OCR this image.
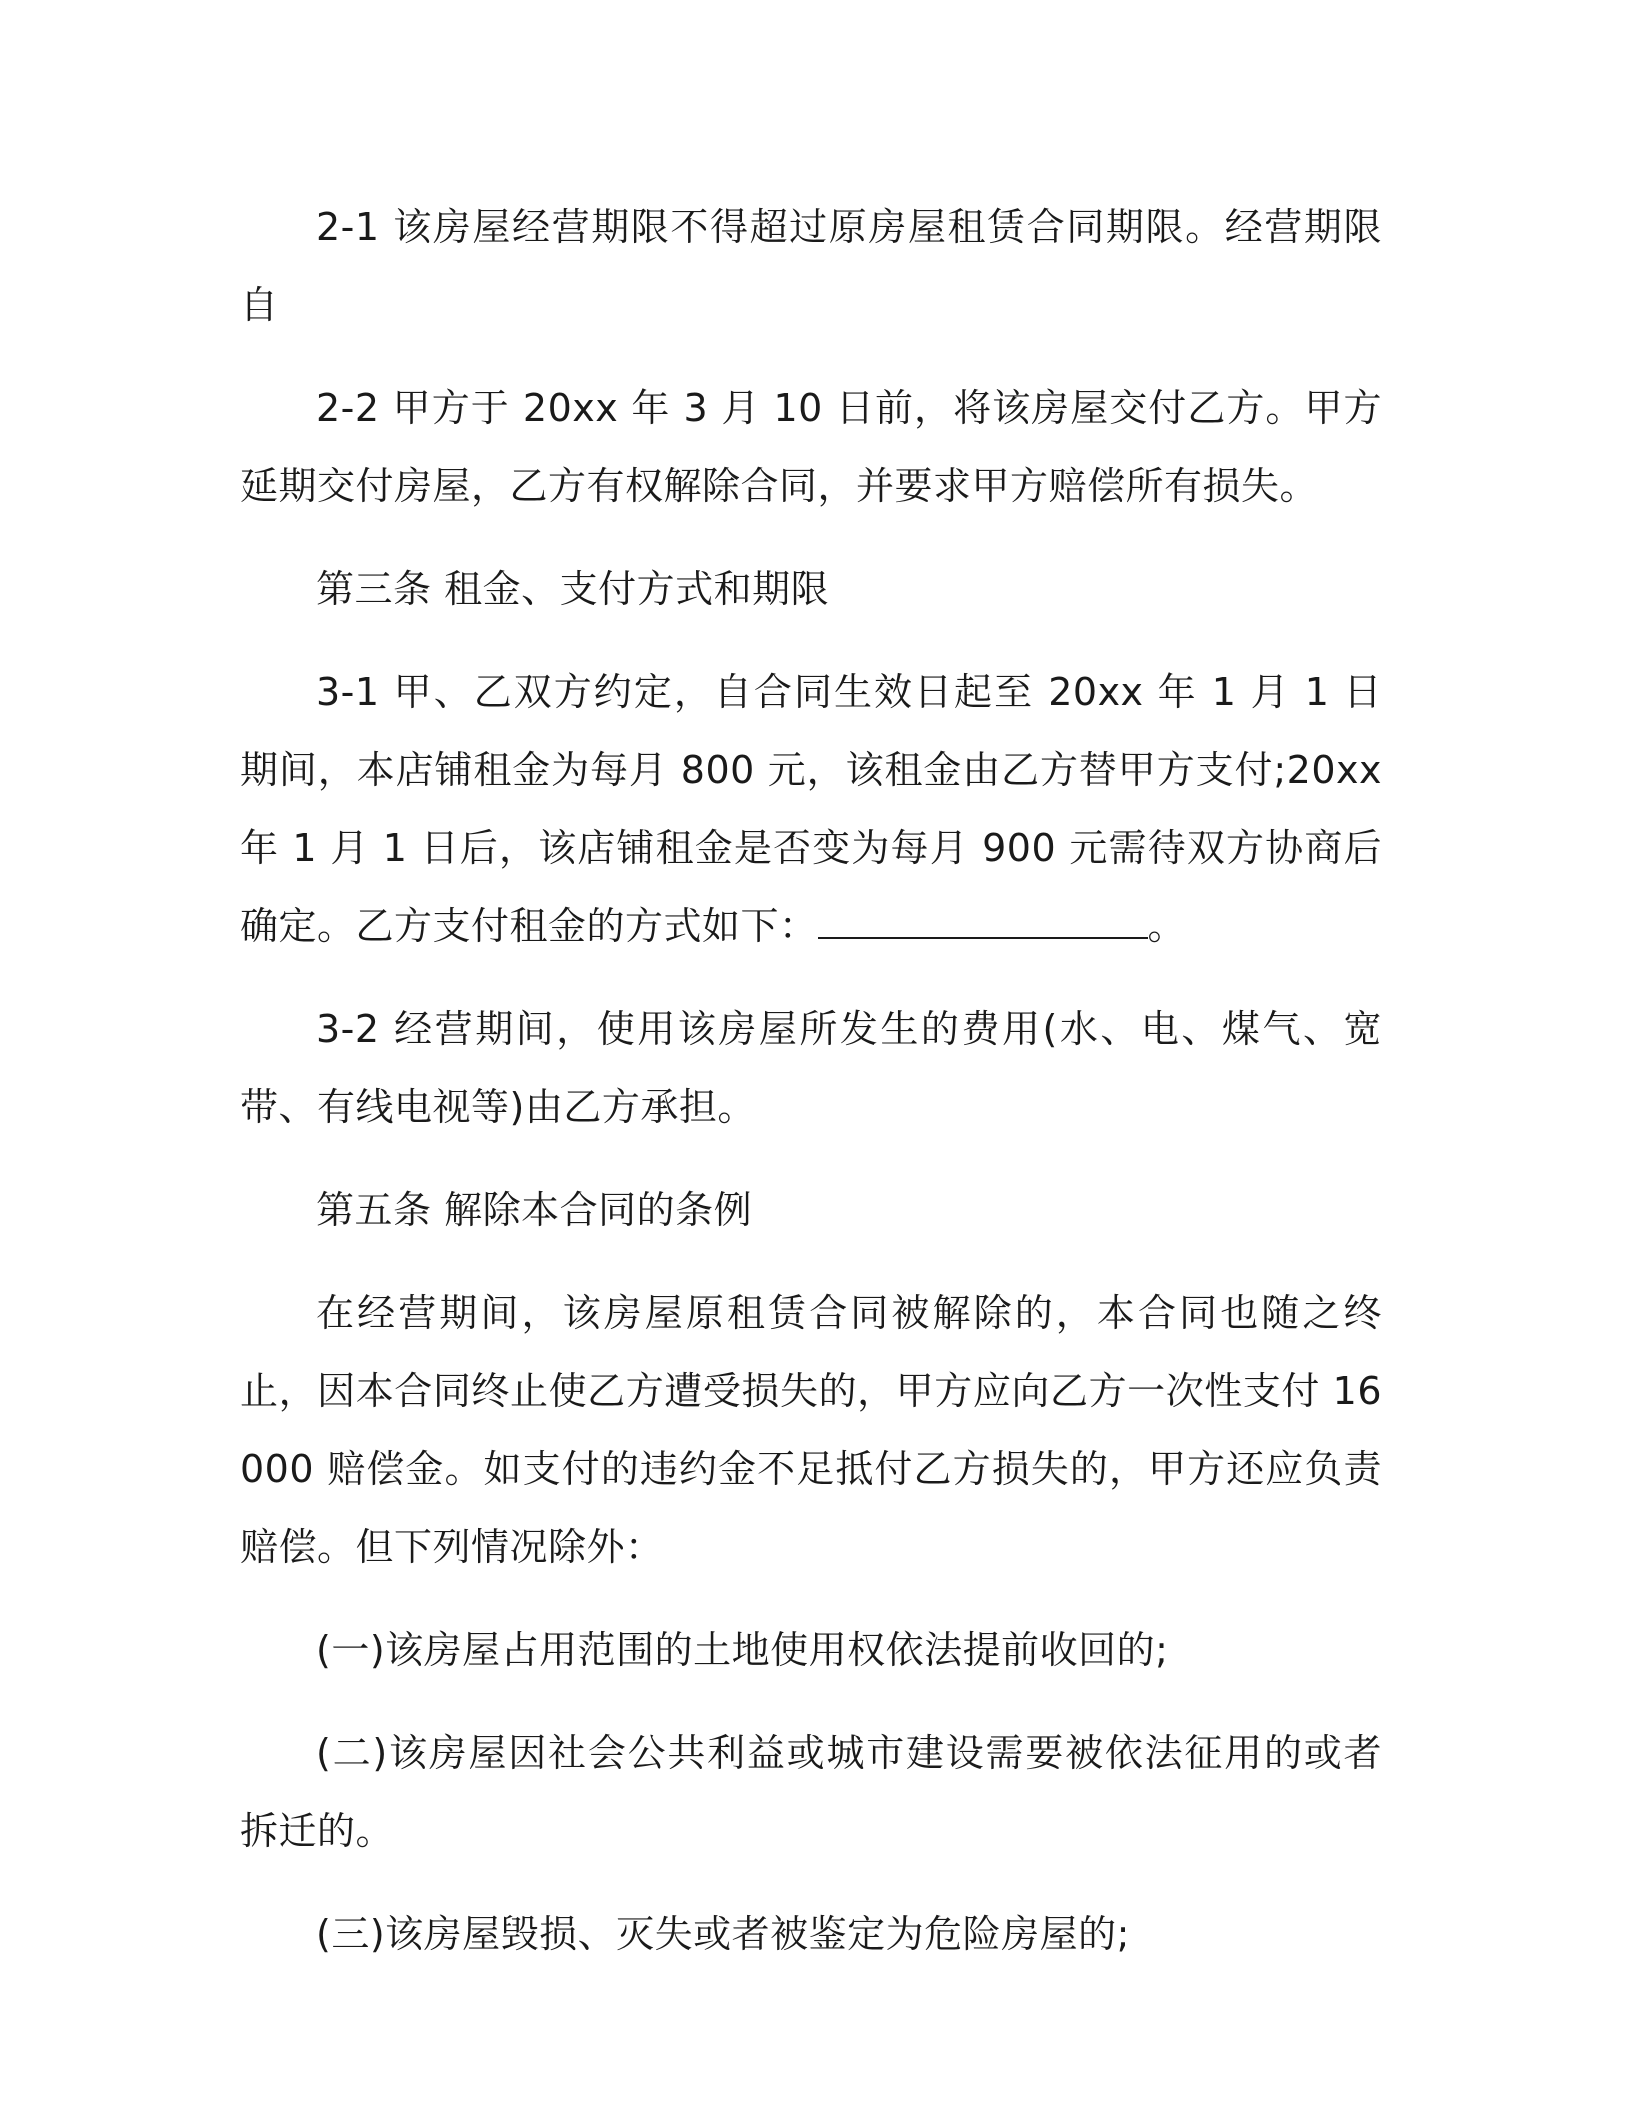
2-1 该房屋经营期限不得超过原房屋租赁合同期限。经营期限自

2-2 甲方于 20xx 年 3 月 10 日前，将该房屋交付乙方。甲方延期交付房屋，乙方有权解除合同，并要求甲方赔偿所有损失。

第三条 租金、支付方式和期限

3-1 甲、乙双方约定，自合同生效日起至 20xx 年 1 月 1 日期间，本店铺租金为每月 800 元，该租金由乙方替甲方支付;20xx 年 1 月 1 日后，该店铺租金是否变为每月 900 元需待双方协商后确定。乙方支付租金的方式如下：	。

3-2 经营期间，使用该房屋所发生的费用(水、电、煤气、宽带、有线电视等)由乙方承担。

第五条 解除本合同的条例

在经营期间，该房屋原租赁合同被解除的，本合同也随之终止，因本合同终止使乙方遭受损失的，甲方应向乙方一次性支付 16000 赔偿金。如支付的违约金不足抵付乙方损失的，甲方还应负责赔偿。但下列情况除外：

(一)该房屋占用范围的土地使用权依法提前收回的;

(二)该房屋因社会公共利益或城市建设需要被依法征用的或者拆迁的。

(三)该房屋毁损、灭失或者被鉴定为危险房屋的;
